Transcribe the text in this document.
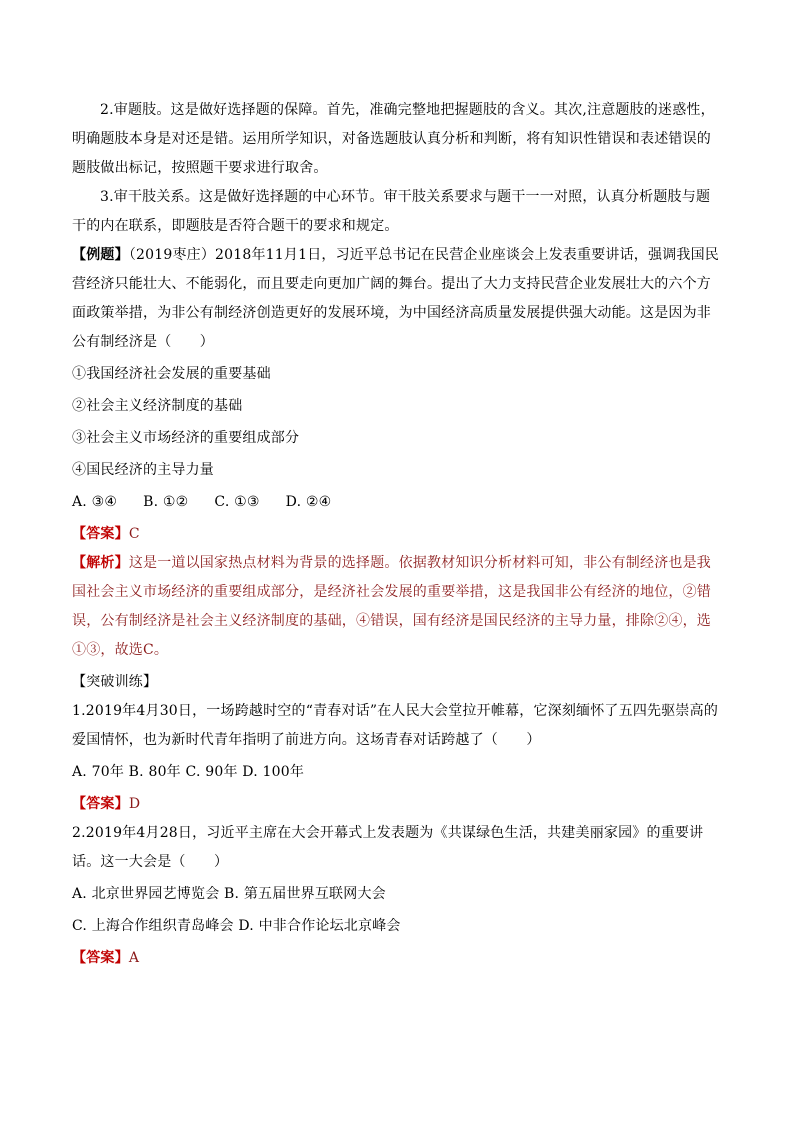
2.审题肢。这是做好选择题的保障。首先，准确完整地把握题肢的含义。其次,注意题肢的迷惑性，明确题肢本身是对还是错。运用所学知识，对备选题肢认真分析和判断，将有知识性错误和表述错误的题肢做出标记，按照题干要求进行取舍。

3.审干肢关系。这是做好选择题的中心环节。审干肢关系要求与题干一一对照，认真分析题肢与题干的内在联系，即题肢是否符合题干的要求和规定。

【例题】（2019枣庄）2018年11月1日，习近平总书记在民营企业座谈会上发表重要讲话，强调我国民营经济只能壮大、不能弱化，而且要走向更加广阔的舞台。提出了大力支持民营企业发展壮大的六个方面政策举措，为非公有制经济创造更好的发展环境，为中国经济高质量发展提供强大动能。这是因为非公有制经济是（　　）

①我国经济社会发展的重要基础

②社会主义经济制度的基础

③社会主义市场经济的重要组成部分

④国民经济的主导力量

A. ③④ B. ①② C. ①③ D. ②④

【答案】C

【解析】这是一道以国家热点材料为背景的选择题。依据教材知识分析材料可知，非公有制经济也是我国社会主义市场经济的重要组成部分，是经济社会发展的重要举措，这是我国非公有经济的地位，②错误，公有制经济是社会主义经济制度的基础，④错误，国有经济是国民经济的主导力量，排除②④，选①③，故选C。

【突破训练】

1.2019年4月30日，一场跨越时空的“青春对话”在人民大会堂拉开帷幕，它深刻缅怀了五四先驱崇高的爱国情怀，也为新时代青年指明了前进方向。这场青春对话跨越了（　　）

A. 70年 B. 80年 C. 90年 D. 100年

【答案】D

2.2019年4月28日，习近平主席在大会开幕式上发表题为《共谋绿色生活，共建美丽家园》的重要讲话。这一大会是（　　）

A. 北京世界园艺博览会 B. 第五届世界互联网大会

C. 上海合作组织青岛峰会 D. 中非合作论坛北京峰会

【答案】A
